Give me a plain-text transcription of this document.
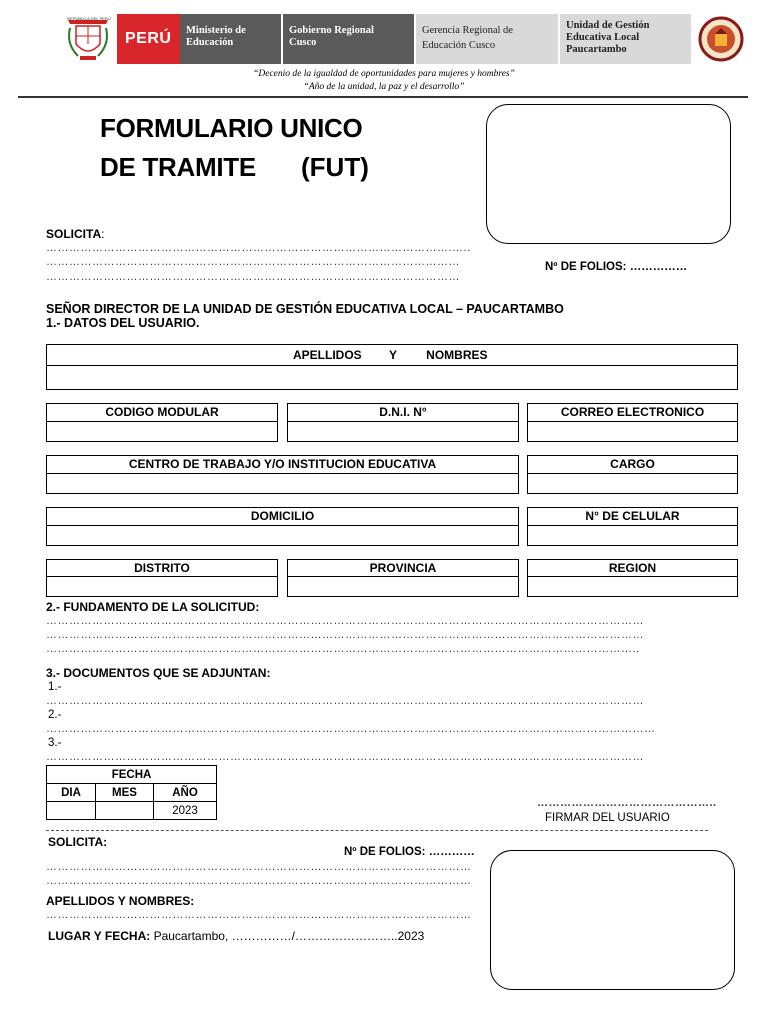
REPÚBLICA DEL PERÚ
PERÚ Ministerio de
Educación
Gobierno Regional
Cusco
Gerencia Regional de
Educación Cusco
Unidad de Gestión
Educativa Local
Paucartambo
“Decenio de la igualdad de oportunidades para mujeres y hombres”
“Año de la unidad, la paz y el desarrollo”
FORMULARIO UNICO
DE TRAMITE (FUT)
SOLICITA:
…………………………………………………………………………………………….…..
………………………………………………………………………………………………
………………………………………………………………………………………………
Nº DE FOLIOS: ……………
SEÑOR DIRECTOR DE LA UNIDAD DE GESTIÓN EDUCATIVA LOCAL – PAUCARTAMBO
1.- DATOS DEL USUARIO.
APELLIDOS Y NOMBRES
CODIGO MODULAR	D.N.I. N°	CORREO ELECTRONICO
CENTRO DE TRABAJO Y/O INSTITUCION EDUCATIVA	CARGO
DOMICILIO	N° DE CELULAR
DISTRITO	PROVINCIA	REGION
2.- FUNDAMENTO DE LA SOLICITUD:
…………………………………………………………………………………………………………………………………………
…………………………………………………………………………………………………………………………………………
………………………………………………………………………………………………………………………………………..
3.- DOCUMENTOS QUE SE ADJUNTAN:
1.-
…………………………………………………………………………………………………………………………………………
2.-
……………………………………………………………………………………………………………………………………………
3.-
…………………………………………………………………………………………………………………………………………
FECHA		
DIA	MES	AÑO
		2023
………………………………………..
FIRMAR DEL USUARIO
SOLICITA:
Nº DE FOLIOS: …………
…………………………………………………………………………………………………
…………………………………………………………………………………………………
APELLIDOS Y NOMBRES:
…………………………………………………………………………………………………
LUGAR Y FECHA: Paucartambo, ……………/……………………..2023
